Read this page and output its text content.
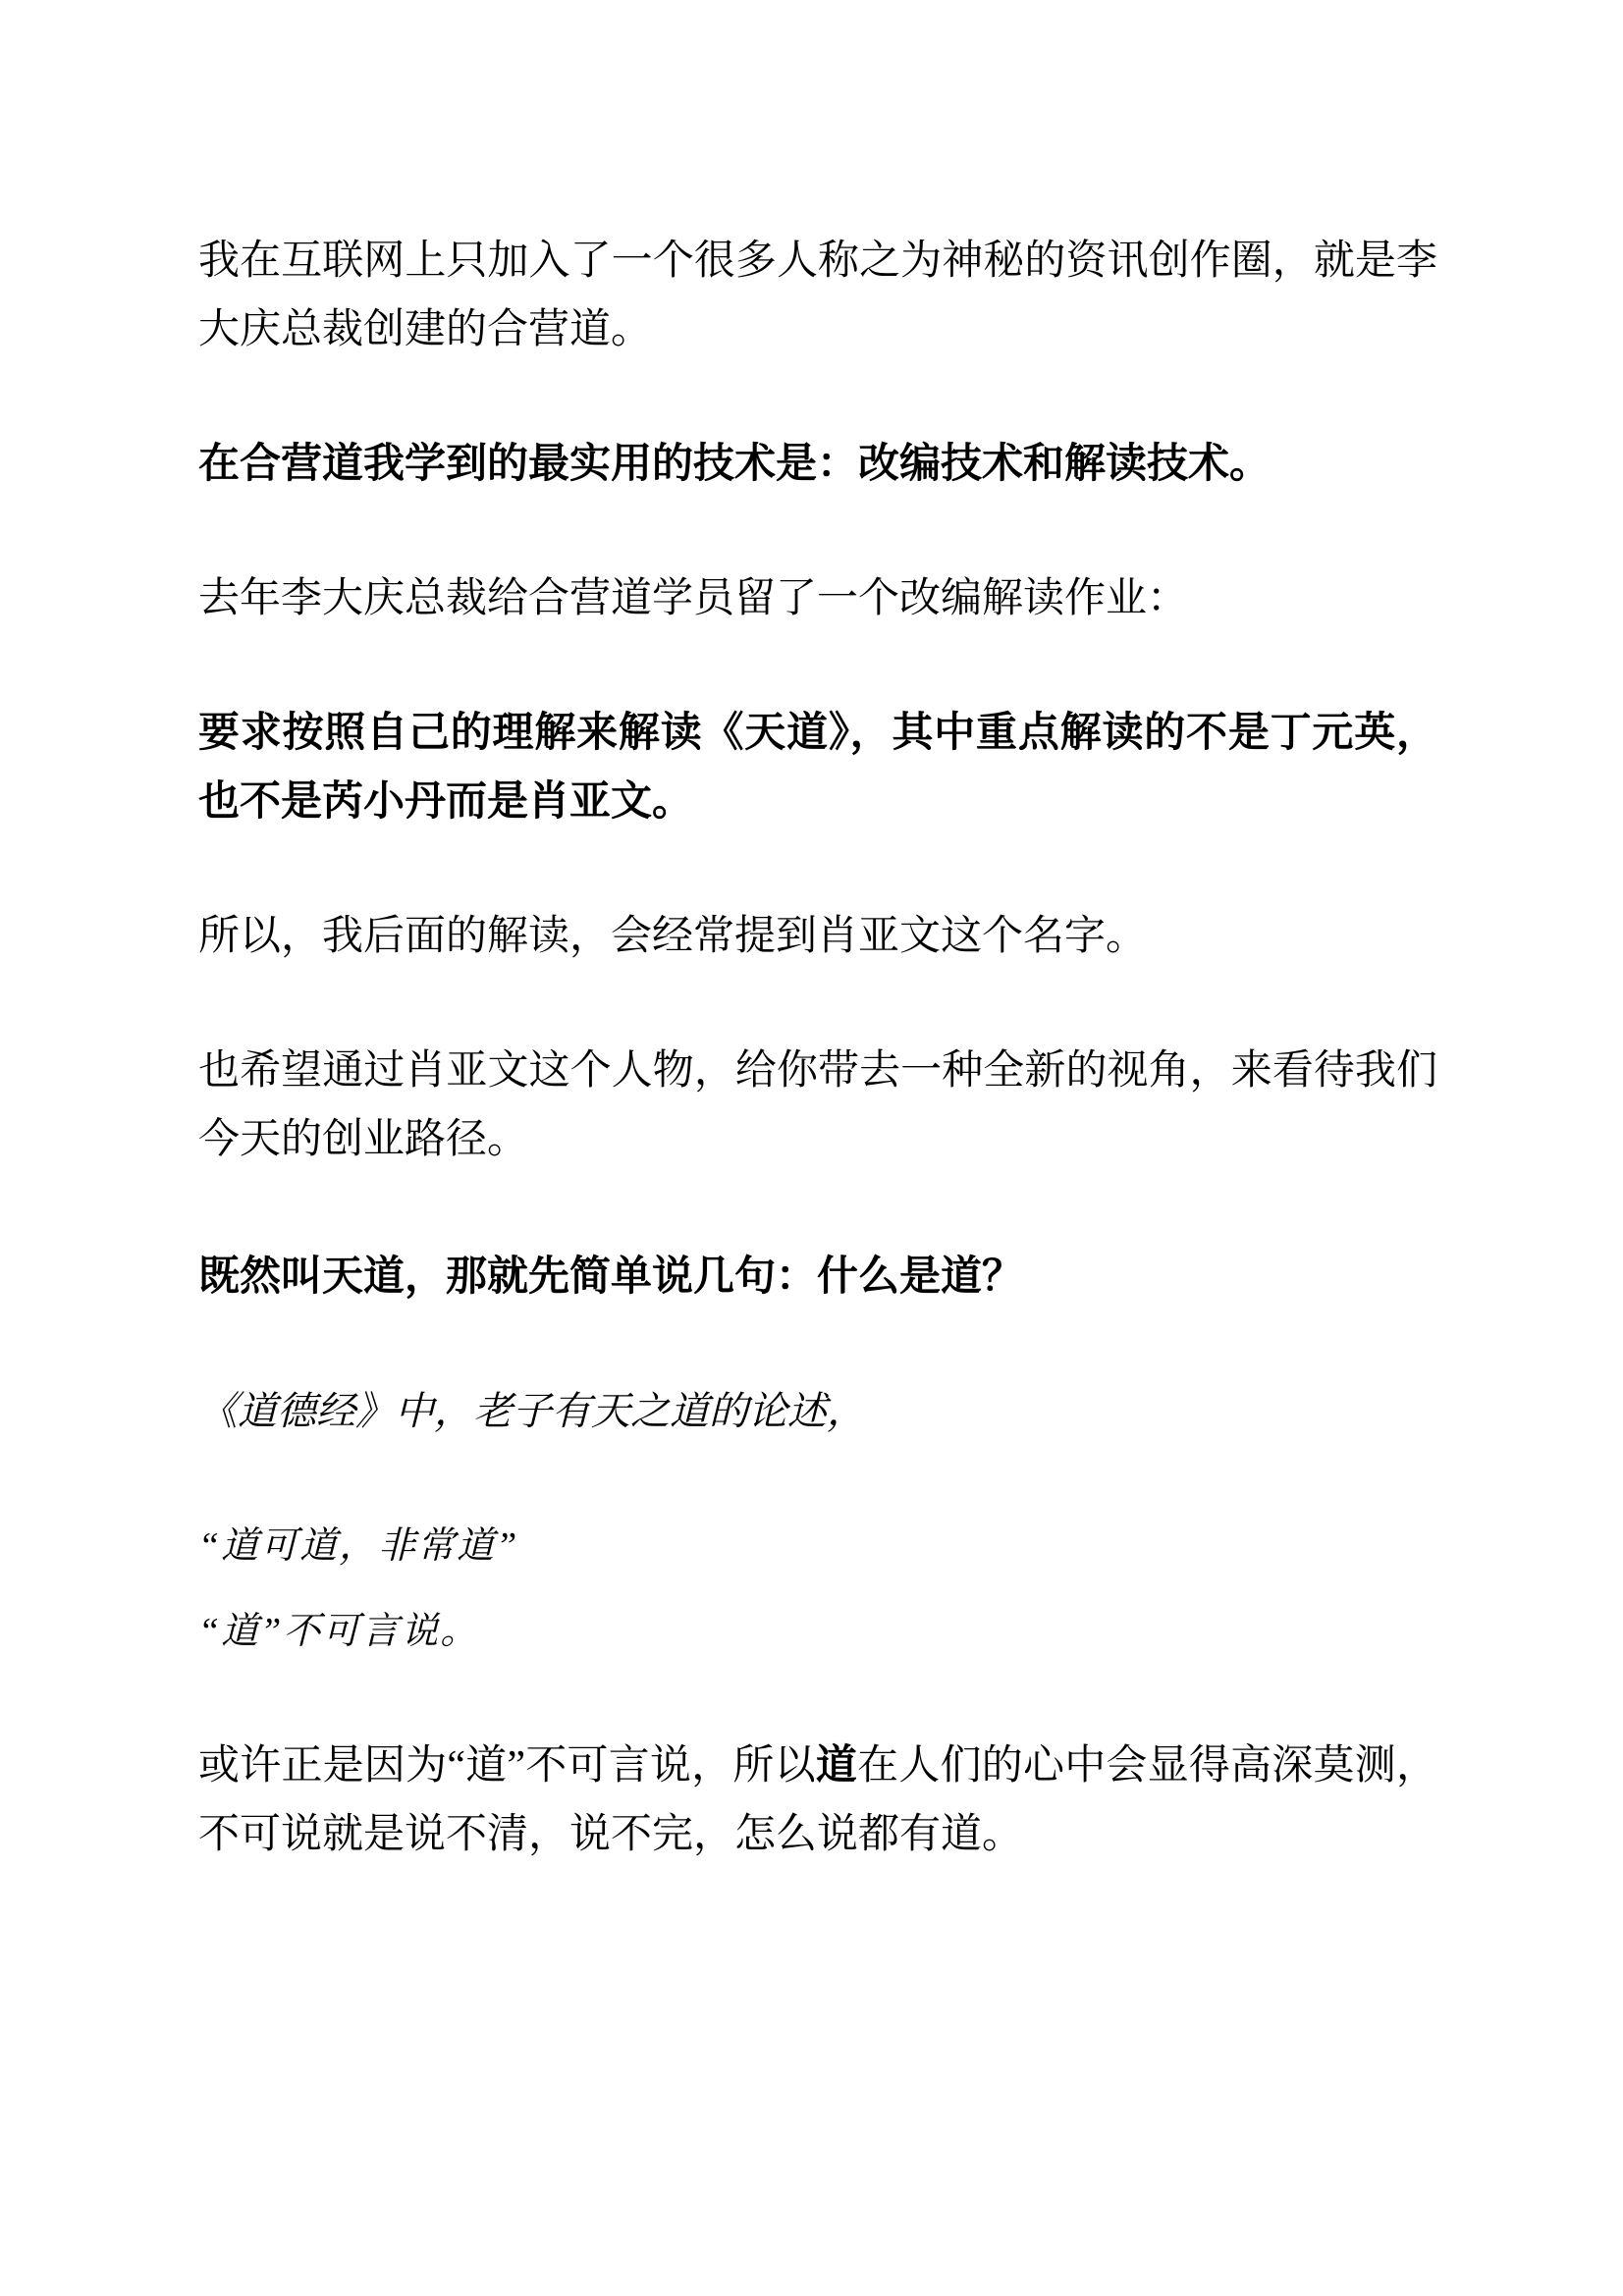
我在互联网上只加入了一个很多人称之为神秘的资讯创作圈，就是李大庆总裁创建的合营道。

在合营道我学到的最实用的技术是：改编技术和解读技术。

去年李大庆总裁给合营道学员留了一个改编解读作业：

要求按照自己的理解来解读《天道》，其中重点解读的不是丁元英，也不是芮小丹而是肖亚文。

所以，我后面的解读，会经常提到肖亚文这个名字。

也希望通过肖亚文这个人物，给你带去一种全新的视角，来看待我们今天的创业路径。

既然叫天道，那就先简单说几句：什么是道？

《道德经》中，老子有天之道的论述，

“道可道，非常道”

“道”不可言说。

或许正是因为“道”不可言说，所以道在人们的心中会显得高深莫测，不可说就是说不清，说不完，怎么说都有道。
